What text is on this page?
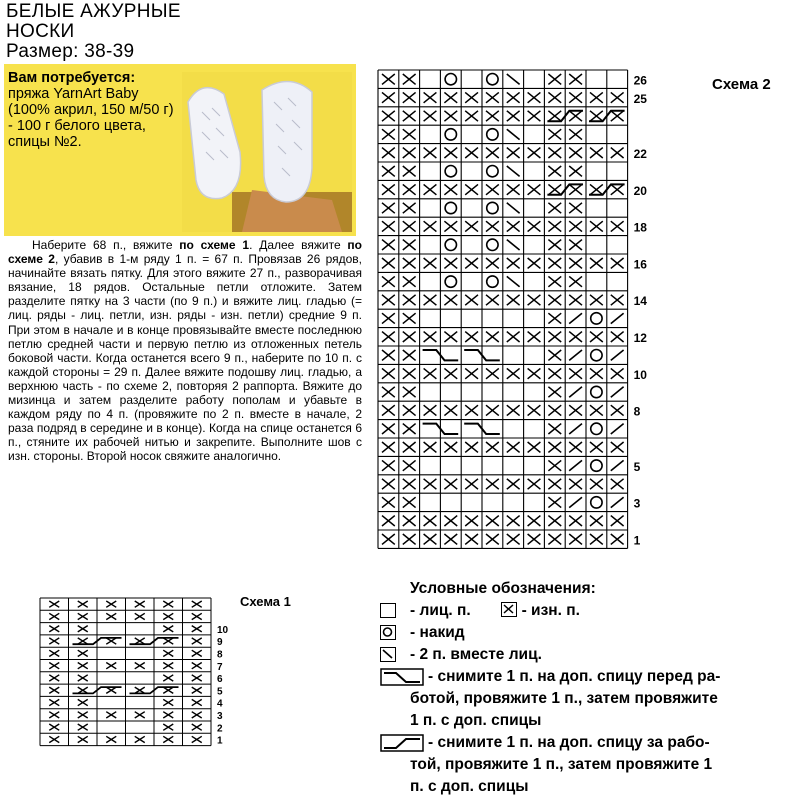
БЕЛЫЕ АЖУРНЫЕ
НОСКИ
Размер: 38-39
Вам потребуется:
пряжа YarnArt Baby (100% акрил, 150 м/50 г) - 100 г белого цвета, спицы №2.

Наберите 68 п., вяжите по схеме 1. Далее вяжите по схеме 2, убавив в 1-м ряду 1 п. = 67 п. Провязав 26 рядов, начинайте вязать пятку. Для этого вяжите 27 п., разворачивая вязание, 18 рядов. Остальные петли отложите. Затем разделите пятку на 3 части (по 9 п.) и вяжите лиц. гладью (= лиц. ряды - лиц. петли, изн. ряды - изн. петли) средние 9 п. При этом в начале и в конце провязывайте вместе последнюю петлю средней части и первую петлю из отложенных петель боковой части. Когда останется всего 9 п., наберите по 10 п. с каждой стороны = 29 п. Далее вяжите подошву лиц. гладью, а верхнюю часть - по схеме 2, повторяя 2 раппорта. Вяжите до мизинца и затем разделите работу пополам и убавьте в каждом ряду по 4 п. (провяжите по 2 п. вместе в начале, 2 раза подряд в середине и в конце). Когда на спице останется 6 п., стяните их рабочей нитью и закрепите. Выполните шов с изн. стороны. Второй носок свяжите аналогично.

1
3
5
8
10
12
14
16
18
20
22
25
26	Схема 2
1
2
3
4
5
6
7
8
9
10
Схема 1
Условные обозначения:
- лиц. п.	- изн. п.
- накид
- 2 п. вместе лиц.
- снимите 1 п. на доп. спицу перед ра-
ботой, провяжите 1 п., затем провяжите
1 п. с доп. спицы
- снимите 1 п. на доп. спицу за рабо-
той, провяжите 1 п., затем провяжите 1
п. с доп. спицы
